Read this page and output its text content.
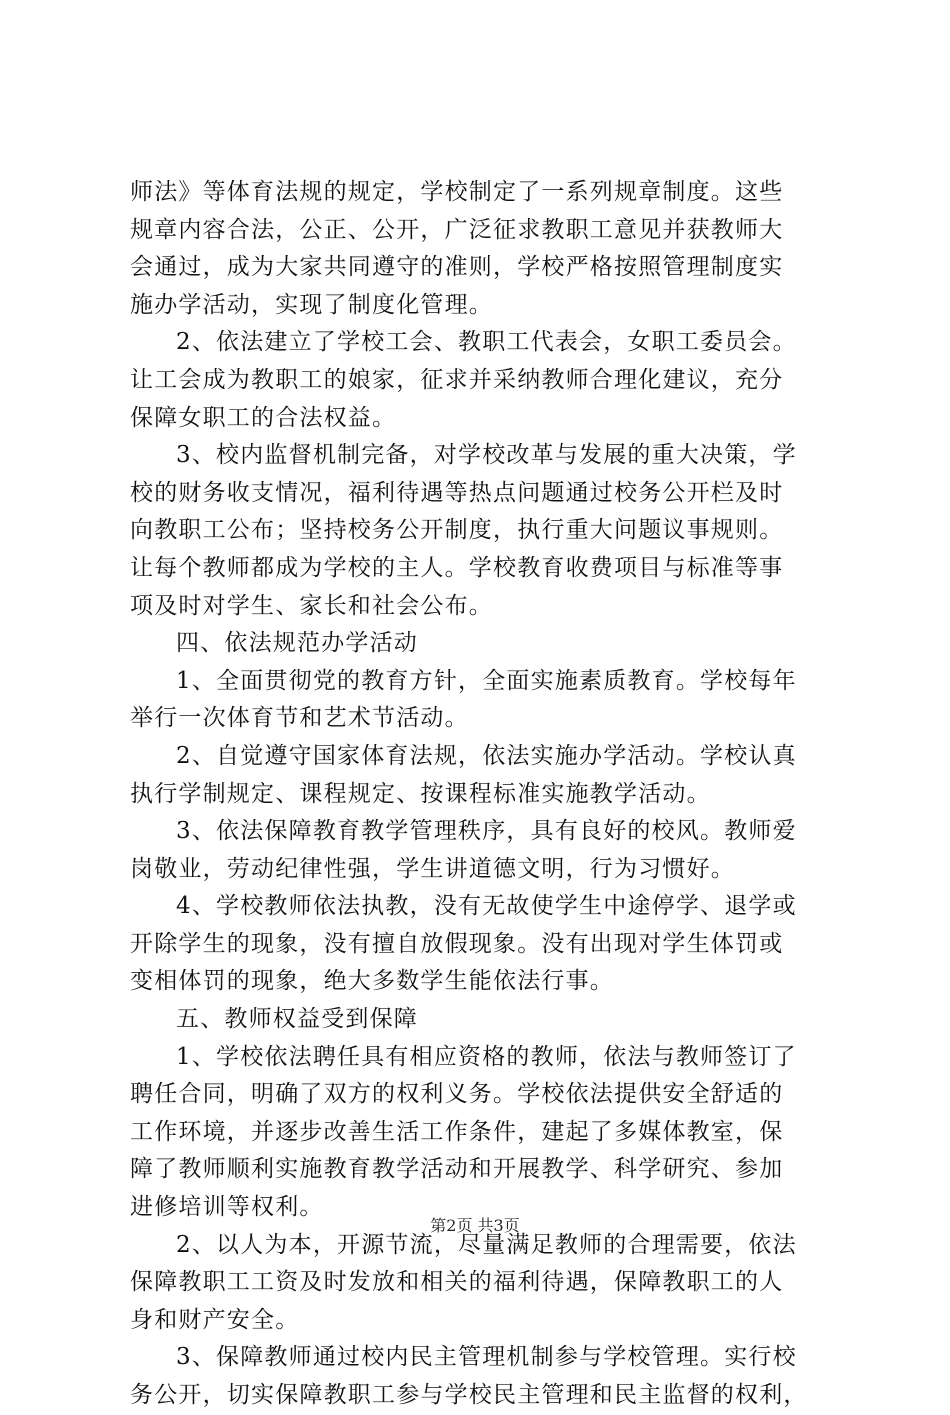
师法》等体育法规的规定，学校制定了一系列规章制度。这些
规章内容合法，公正、公开，广泛征求教职工意见并获教师大
会通过，成为大家共同遵守的准则，学校严格按照管理制度实
施办学活动，实现了制度化管理。
2、依法建立了学校工会、教职工代表会，女职工委员会。
让工会成为教职工的娘家，征求并采纳教师合理化建议，充分
保障女职工的合法权益。
3、校内监督机制完备，对学校改革与发展的重大决策，学
校的财务收支情况，福利待遇等热点问题通过校务公开栏及时
向教职工公布；坚持校务公开制度，执行重大问题议事规则。
让每个教师都成为学校的主人。学校教育收费项目与标准等事
项及时对学生、家长和社会公布。
四、依法规范办学活动
1、全面贯彻党的教育方针，全面实施素质教育。学校每年
举行一次体育节和艺术节活动。
2、自觉遵守国家体育法规，依法实施办学活动。学校认真
执行学制规定、课程规定、按课程标准实施教学活动。
3、依法保障教育教学管理秩序，具有良好的校风。教师爱
岗敬业，劳动纪律性强，学生讲道德文明，行为习惯好。
4、学校教师依法执教，没有无故使学生中途停学、退学或
开除学生的现象，没有擅自放假现象。没有出现对学生体罚或
变相体罚的现象，绝大多数学生能依法行事。
五、教师权益受到保障
1、学校依法聘任具有相应资格的教师，依法与教师签订了
聘任合同，明确了双方的权利义务。学校依法提供安全舒适的
工作环境，并逐步改善生活工作条件，建起了多媒体教室，保
障了教师顺利实施教育教学活动和开展教学、科学研究、参加
进修培训等权利。
2、以人为本，开源节流，尽量满足教师的合理需要，依法
保障教职工工资及时发放和相关的福利待遇，保障教职工的人
身和财产安全。
3、保障教师通过校内民主管理机制参与学校管理。实行校
务公开，切实保障教职工参与学校民主管理和民主监督的权利，
第2页 共3页
